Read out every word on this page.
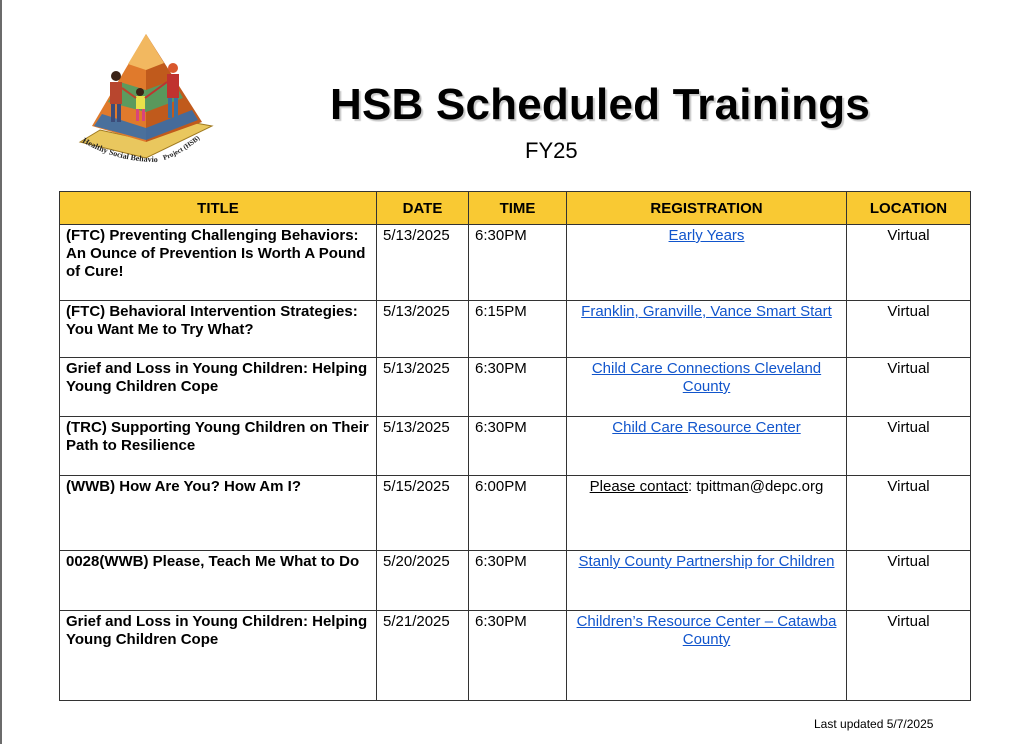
Healthy Social Behavio Project (HSB)
HSB Scheduled Trainings
FY25
TITLE	DATE	TIME	REGISTRATION	LOCATION
(FTC) Preventing Challenging Behaviors: An Ounce of Prevention Is Worth A Pound of Cure!	5/13/2025	6:30PM	Early Years	Virtual
(FTC) Behavioral Intervention Strategies: You Want Me to Try What?	5/13/2025	6:15PM	Franklin, Granville, Vance Smart Start	Virtual
Grief and Loss in Young Children: Helping Young Children Cope	5/13/2025	6:30PM	Child Care Connections Cleveland County	Virtual
(TRC) Supporting Young Children on Their Path to Resilience	5/13/2025	6:30PM	Child Care Resource Center	Virtual
(WWB) How Are You? How Am I?	5/15/2025	6:00PM	Please contact: tpittman@depc.org	Virtual
0028(WWB) Please, Teach Me What to Do	5/20/2025	6:30PM	Stanly County Partnership for Children	Virtual
Grief and Loss in Young Children: Helping Young Children Cope	5/21/2025	6:30PM	Children’s Resource Center – Catawba County	Virtual
Last updated 5/7/2025
